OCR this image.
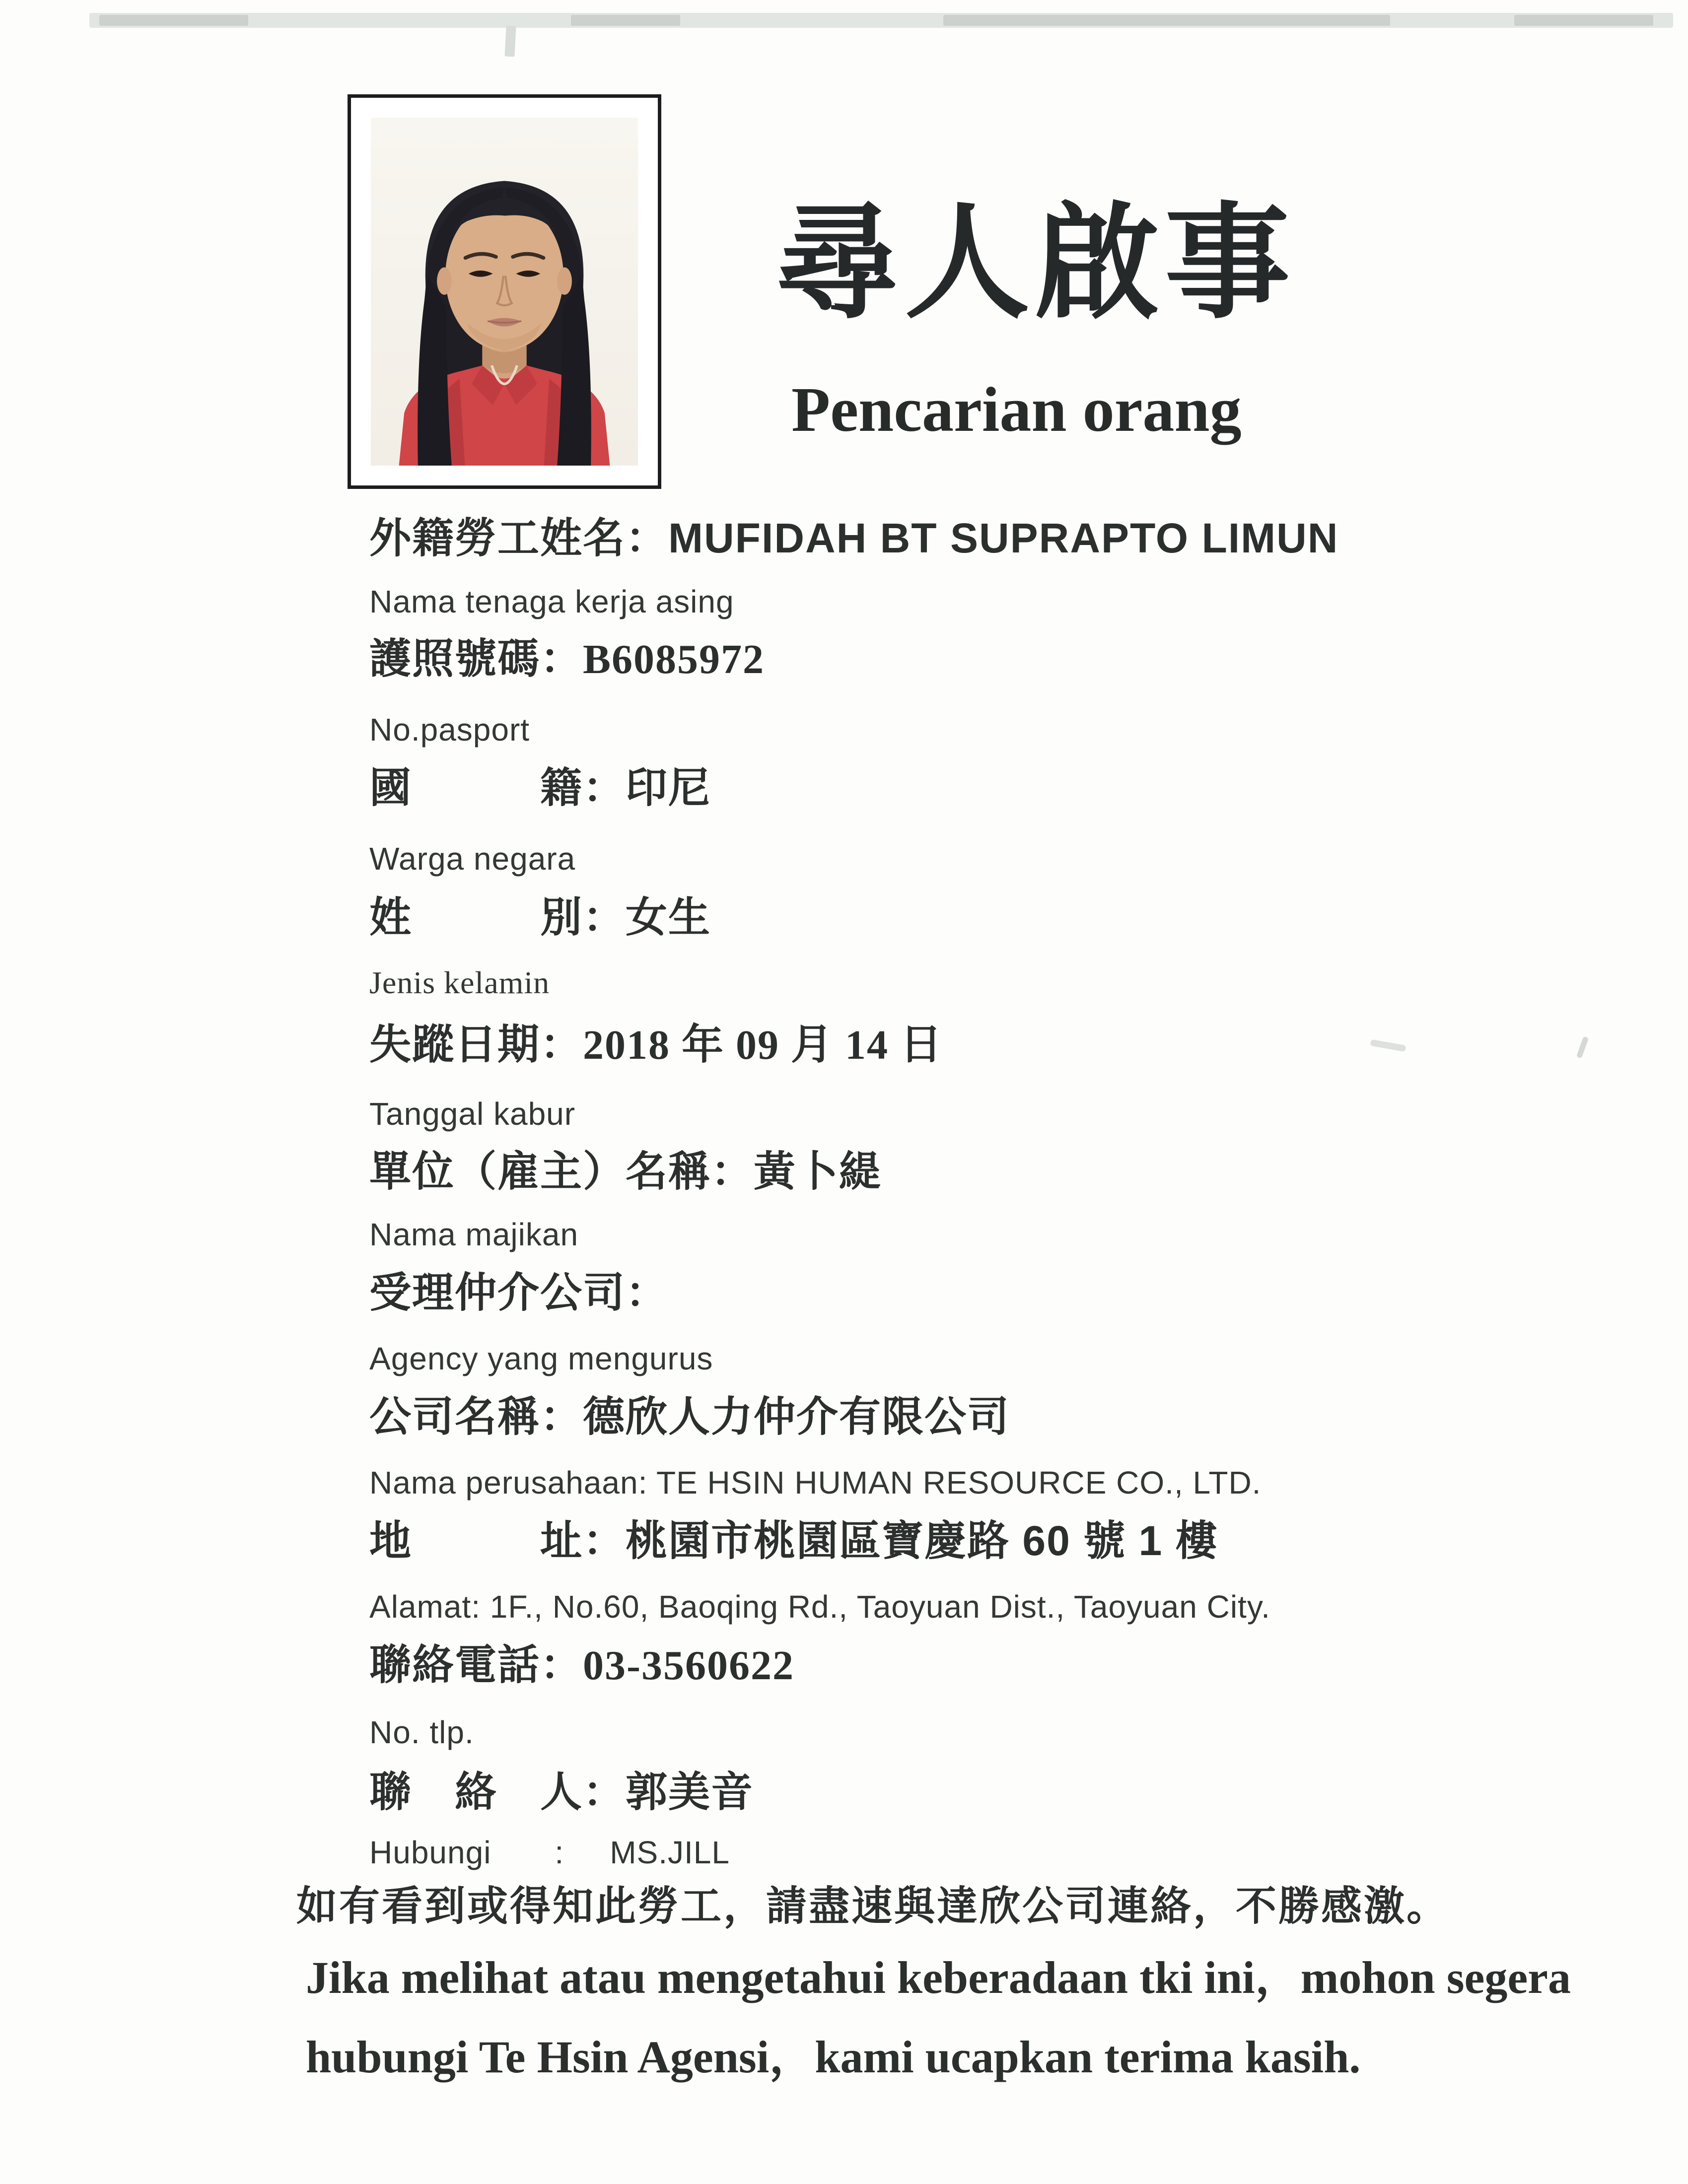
尋人啟事
Pencarian orang
外籍勞工姓名：MUFIDAH BT SUPRAPTO LIMUN
Nama tenaga kerja asing
護照號碼：B6085972
No.pasport
國　　　籍：印尼
Warga negara
姓　　　別：女生
Jenis kelamin
失蹤日期：2018 年 09 月 14 日
Tanggal kabur
單位（雇主）名稱：黃卜緹
Nama majikan
受理仲介公司：
Agency yang mengurus
公司名稱：德欣人力仲介有限公司
Nama perusahaan: TE HSIN HUMAN RESOURCE CO., LTD.
地　　　址：桃園市桃園區寶慶路 60 號 1 樓
Alamat: 1F., No.60, Baoqing Rd., Taoyuan Dist., Taoyuan City.
聯絡電話：03-3560622
No. tlp.
聯　絡　人：郭美音
Hubungi : MS.JILL
如有看到或得知此勞工，請盡速與達欣公司連絡，不勝感激。
Jika melihat atau mengetahui keberadaan tki ini，mohon segera
hubungi Te Hsin Agensi，kami ucapkan terima kasih.
